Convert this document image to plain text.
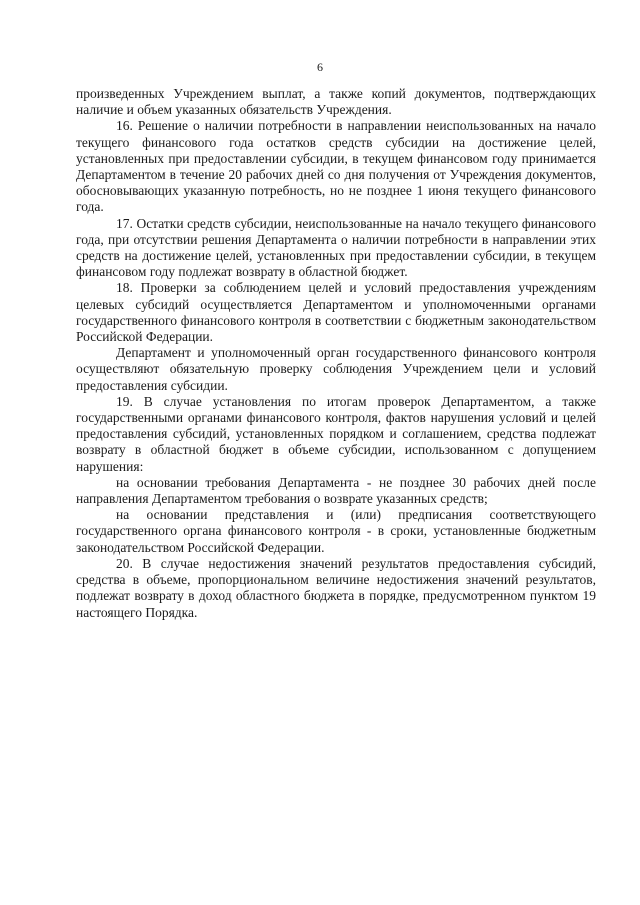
6

произведенных Учреждением выплат, а также копий документов, подтверждающих наличие и объем указанных обязательств Учреждения.

16. Решение о наличии потребности в направлении неиспользованных на начало текущего финансового года остатков средств субсидии на достижение целей, установленных при предоставлении субсидии, в текущем финансовом году принимается Департаментом в течение 20 рабочих дней со дня получения от Учреждения документов, обосновывающих указанную потребность, но не позднее 1 июня текущего финансового года.

17. Остатки средств субсидии, неиспользованные на начало текущего финансового года, при отсутствии решения Департамента о наличии потребности в направлении этих средств на достижение целей, установленных при предоставлении субсидии, в текущем финансовом году подлежат возврату в областной бюджет.

18. Проверки за соблюдением целей и условий предоставления учреждениям целевых субсидий осуществляется Департаментом и уполномоченными органами государственного финансового контроля в соответствии с бюджетным законодательством Российской Федерации.

Департамент и уполномоченный орган государственного финансового контроля осуществляют обязательную проверку соблюдения Учреждением цели и условий предоставления субсидии.

19. В случае установления по итогам проверок Департаментом, а также государственными органами финансового контроля, фактов нарушения условий и целей предоставления субсидий, установленных порядком и соглашением, средства подлежат возврату в областной бюджет в объеме субсидии, использованном с допущением нарушения:

на основании требования Департамента - не позднее 30 рабочих дней после направления Департаментом требования о возврате указанных средств;

на основании представления и (или) предписания соответствующего государственного органа финансового контроля - в сроки, установленные бюджетным законодательством Российской Федерации.

20. В случае недостижения значений результатов предоставления субсидий, средства в объеме, пропорциональном величине недостижения значений результатов, подлежат возврату в доход областного бюджета в порядке, предусмотренном пунктом 19 настоящего Порядка.
